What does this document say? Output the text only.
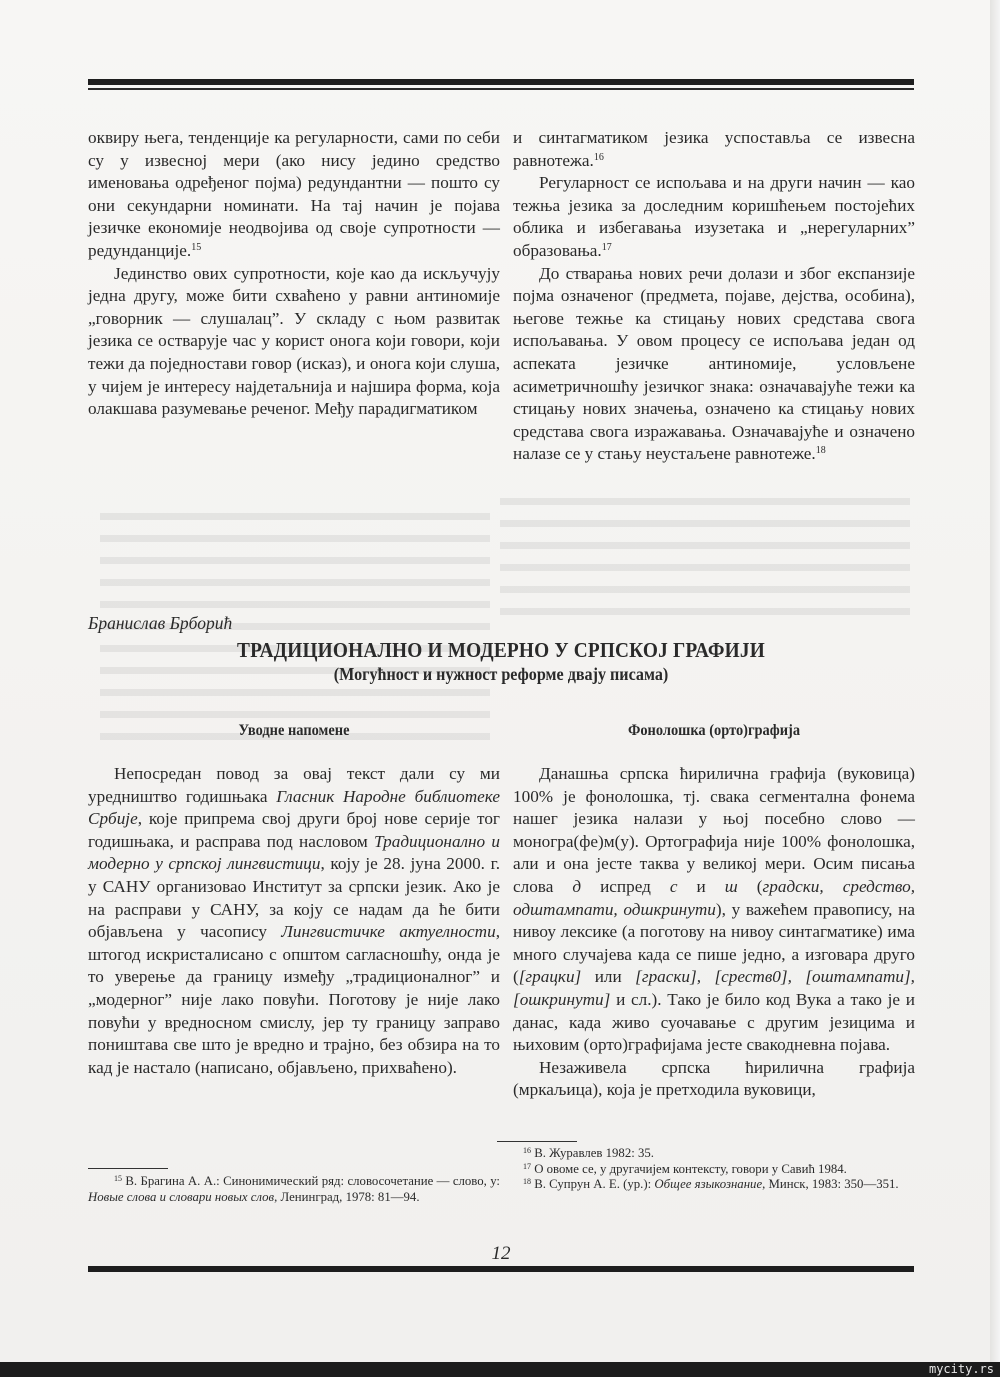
оквиру њега, тенденције ка регуларности, сами по себи су у извесној мери (ако нису једино средство именовања одређеног појма) редундантни — пошто су они секундарни номинати. На тај начин је појава језичке економије неодвојива од своје супротности — редунданције.$^{15}$

Јединство ових супротности, које као да искључују једна другу, може бити схваћено у равни антиномије „говорник — слушалац”. У складу с њом развитак језика се остварује час у корист онога који говори, који тежи да поједностави говор (исказ), и онога који слуша, у чијем је интересу најдетаљнија и најшира форма, која олакшава разумевање реченог. Међу парадигматиком

и синтагматиком језика успоставља се извесна равнотежа.$^{16}$

Регуларност се испољава и на други начин — као тежња језика за доследним коришћењем постојећих облика и избегавања изузетака и „нерегуларних” образовања.$^{17}$

До стварања нових речи долази и због експанзије појма означеног (предмета, појаве, дејства, особина), његове тежње ка стицању нових средстава свога испољавања. У овом процесу се испољава један од аспеката језичке антиномије, условљене асиметричношћу језичког знака: означавајуће тежи ка стицању нових значења, означено ка стицању нових средстава свога изражавања. Означавајуће и означено налазе се у стању неустаљене равнотеже.$^{18}$

Бранислав Брборић
ТРАДИЦИОНАЛНО И МОДЕРНО У СРПСКОЈ ГРАФИЈИ
(Могућност и нужност реформе двају писама)
Уводне напомене	Фонолошка (орто)графија

Непосредан повод за овај текст дали су ми уредништво годишњака Гласник Народне библиотеке Србије, које припрема свој други број нове серије тог годишњака, и расправа под насловом Традиционално и модерно у српској лингвистици, коју је 28. јуна 2000. г. у САНУ организовао Институт за српски језик. Ако је на расправи у САНУ, за коју се надам да ће бити објављена у часопису Лингвистичке актуелности, штогод искристалисано с општом сагласношћу, онда је то уверење да границу између „традиционалног” и „модерног” није лако повући. Поготову је није лако повући у вредносном смислу, јер ту границу заправо поништава све што је вредно и трајно, без обзира на то кад је настало (написано, објављено, прихваћено).

Данашња српска ћирилична графија (вуковица) 100% је фонолошка, тј. свака сегментална фонема нашег језика налази у њој посебно слово — моногра(фе)м(у). Ортографија није 100% фонолошка, али и она јесте таква у великој мери. Осим писања слова д испред с и ш (градски, средство, одштампати, одшкринути), у важећем правопису, на нивоу лексике (а поготову на нивоу синтагматике) има много случајева када се пише једно, а изговара друго ([грацки] или [граски], [среств0], [оштампати], [ошкринути] и сл.). Тако је било код Вука а тако је и данас, када живо суочавање с другим језицима и њиховим (орто)графијама јесте свакодневна појава.

Незаживела српска ћирилична графија (мркаљица), која је претходила вуковици,

$^{15}$ В. Брагина А. А.: Синонимический ряд: словосочетание — слово, у: Новые слова и словари новых слов, Ленинград, 1978: 81—94.

$^{16}$ В. Журавлев 1982: 35.

$^{17}$ О овоме се, у другачијем контексту, говори у Савић 1984.

$^{18}$ В. Супрун А. Е. (ур.): Общее языкознание, Минск, 1983: 350—351.

12
mycity.rs
